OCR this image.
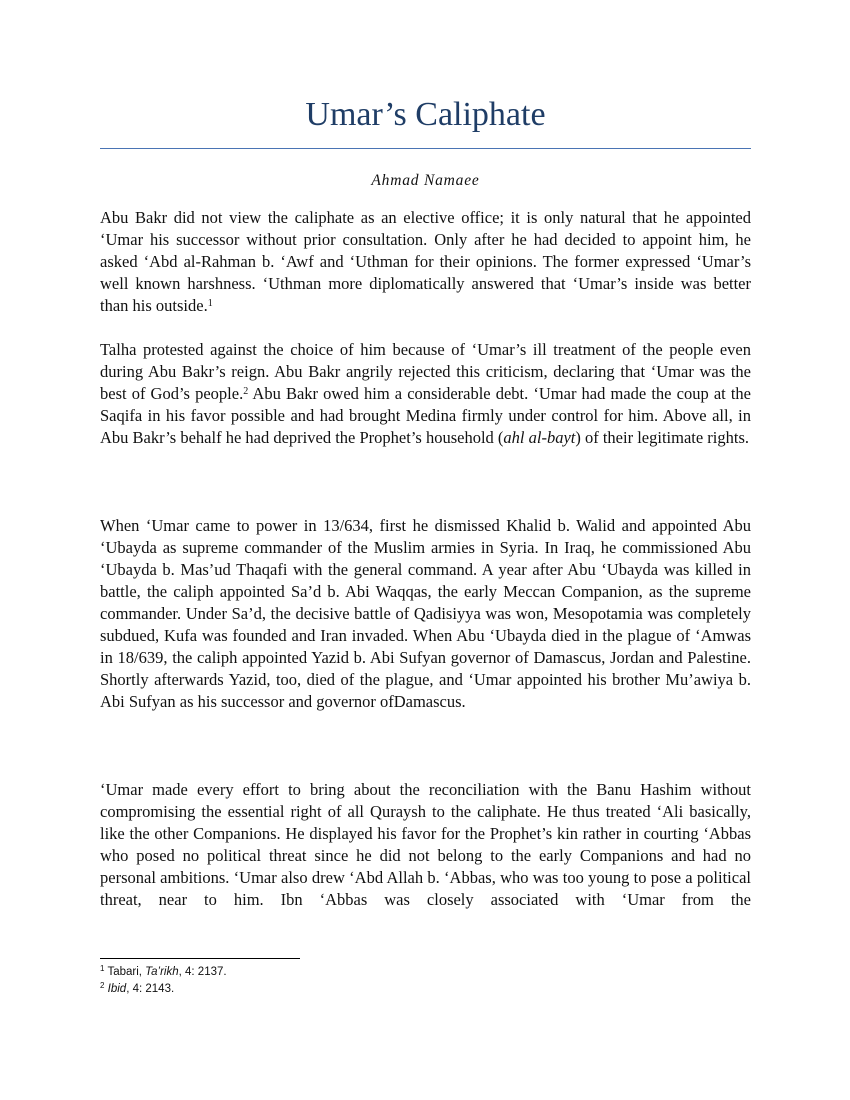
Umar’s Caliphate
Ahmad Namaee

Abu Bakr did not view the caliphate as an elective office; it is only natural that he appointed ‘Umar his successor without prior consultation. Only after he had decided to appoint him, he asked ‘Abd al-Rahman b. ‘Awf and ‘Uthman for their opinions. The former expressed ‘Umar’s well known harshness. ‘Uthman more diplomatically answered that ‘Umar’s inside was better than his outside.$^1$

Talha protested against the choice of him because of ‘Umar’s ill treatment of the people even during Abu Bakr’s reign. Abu Bakr angrily rejected this criticism, declaring that ‘Umar was the best of God’s people.$^2$ Abu Bakr owed him a considerable debt. ‘Umar had made the coup at the Saqifa in his favor possible and had brought Medina firmly under control for him. Above all, in Abu Bakr’s behalf he had deprived the Prophet’s household (ahl al-bayt) of their legitimate rights.

When ‘Umar came to power in 13/634, first he dismissed Khalid b. Walid and appointed Abu ‘Ubayda as supreme commander of the Muslim armies in Syria. In Iraq, he commissioned Abu ‘Ubayda b. Mas’ud Thaqafi with the general command. A year after Abu ‘Ubayda was killed in battle, the caliph appointed Sa’d b. Abi Waqqas, the early Meccan Companion, as the supreme commander. Under Sa’d, the decisive battle of Qadisiyya was won, Mesopotamia was completely subdued, Kufa was founded and Iran invaded. When Abu ‘Ubayda died in the plague of ‘Amwas in 18/639, the caliph appointed Yazid b. Abi Sufyan governor of Damascus, Jordan and Palestine. Shortly afterwards Yazid, too, died of the plague, and ‘Umar appointed his brother Mu’awiya b. Abi Sufyan as his successor and governor ofDamascus.

‘Umar made every effort to bring about the reconciliation with the Banu Hashim without compromising the essential right of all Quraysh to the caliphate. He thus treated ‘Ali basically, like the other Companions. He displayed his favor for the Prophet’s kin rather in courting ‘Abbas who posed no political threat since he did not belong to the early Companions and had no personal ambitions. ‘Umar also drew ‘Abd Allah b. ‘Abbas, who was too young to pose a political threat, near to him. Ibn ‘Abbas was closely associated with ‘Umar from the

$^1$ Tabari, Ta’rikh, 4: 2137.
$^2$ Ibid, 4: 2143.
